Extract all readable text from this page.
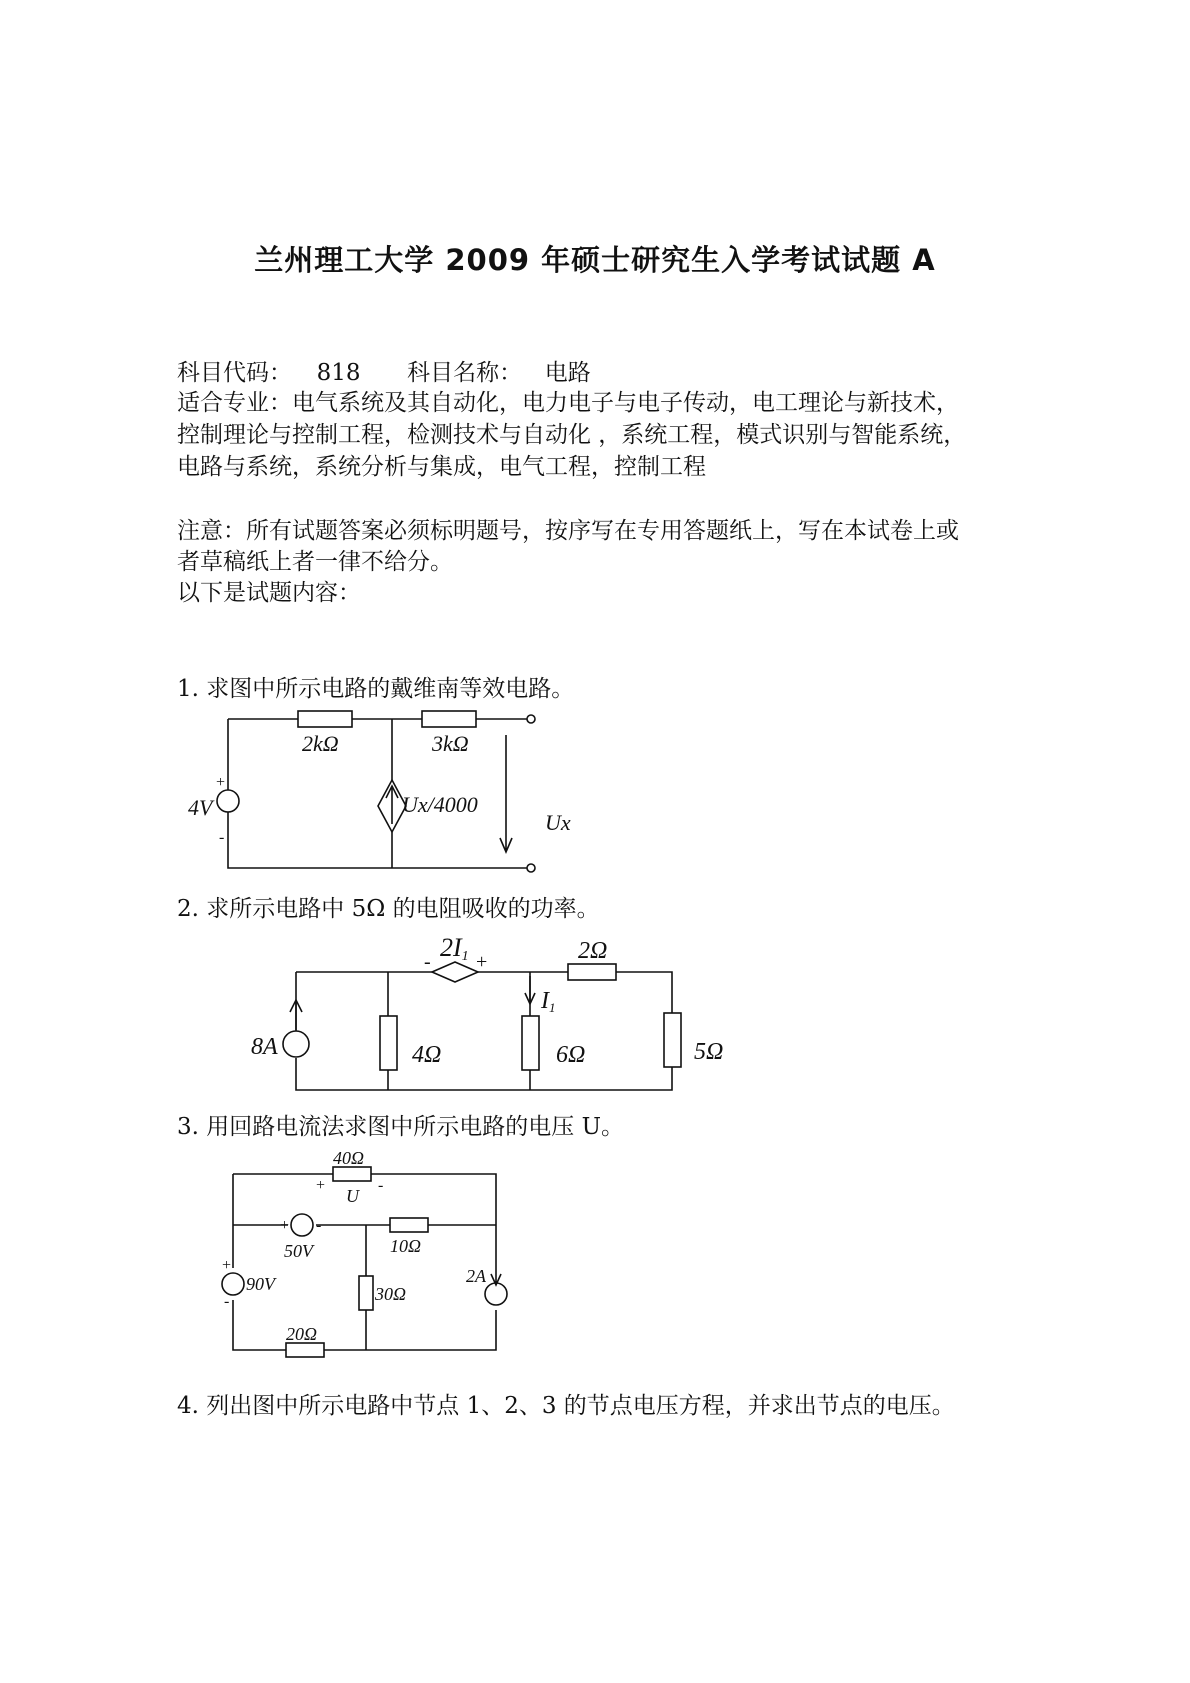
兰州理工大学 2009 年硕士研究生入学考试试题 A
科目代码： 818 科目名称： 电路
适合专业：电气系统及其自动化，电力电子与电子传动，电工理论与新技术，
控制理论与控制工程，检测技术与自动化 ，系统工程，模式识别与智能系统，
电路与系统，系统分析与集成，电气工程，控制工程
注意：所有试题答案必须标明题号，按序写在专用答题纸上，写在本试卷上或
者草稿纸上者一律不给分。
以下是试题内容：
1. 求图中所示电路的戴维南等效电路。
2. 求所示电路中 5Ω 的电阻吸收的功率。
3. 用回路电流法求图中所示电路的电压 U。
4. 列出图中所示电路中节点 1、2、3 的节点电压方程，并求出节点的电压。
2kΩ	3kΩ
4V
+
-
Ux/4000
Ux
8A	4Ω	6Ω	5Ω
2Ω
2I1
- +
I1
40Ω
U
+	-
+ -
50V	10Ω
+
-
90V	30Ω
20Ω
2A
